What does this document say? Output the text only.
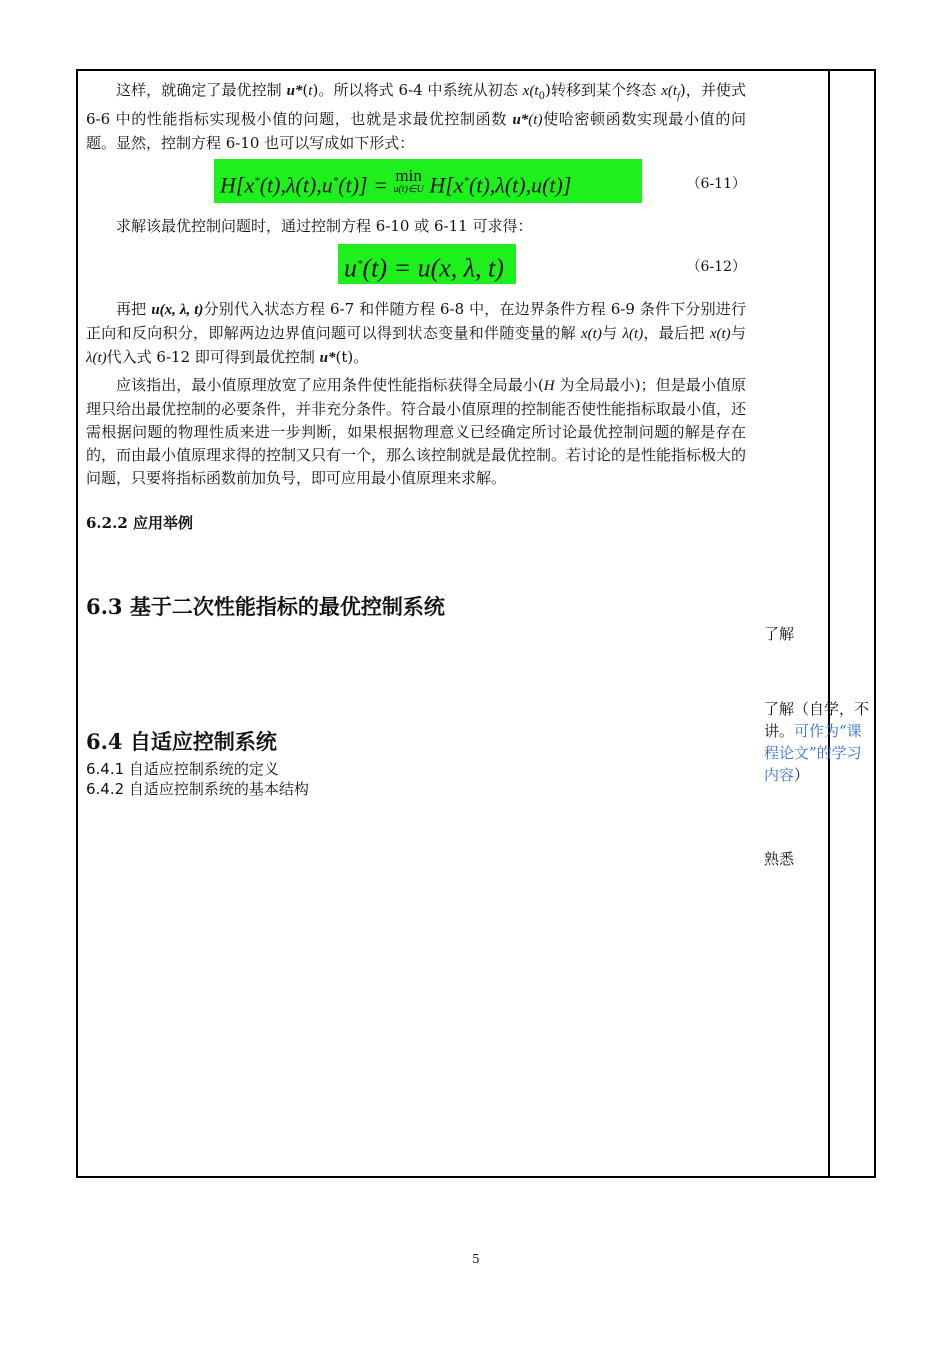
这样，就确定了最优控制 u*(t)。所以将式 6-4 中系统从初态 $x(t_0)$转移到某个终态 $x(t_f)$，并使式 6-6 中的性能指标实现极小值的问题，也就是求最优控制函数 u*(t)使哈密顿函数实现最小值的问题。显然，控制方程 6-10 也可以写成如下形式：

H[x*(t),λ(t),u*(t)] = min
u(t)∈U H[x*(t),λ(t),u(t)]	（6-11）

求解该最优控制问题时，通过控制方程 6-10 或 6-11 可求得：

u*(t) = u(x, λ, t)	（6-12）

再把 u(x, λ, t)分别代入状态方程 6-7 和伴随方程 6-8 中，在边界条件方程 6-9 条件下分别进行正向和反向积分，即解两边边界值问题可以得到状态变量和伴随变量的解 x(t)与 λ(t)，最后把 x(t)与 λ(t)代入式 6-12 即可得到最优控制 u*(t)。

应该指出，最小值原理放宽了应用条件使性能指标获得全局最小(H 为全局最小)；但是最小值原理只给出最优控制的必要条件，并非充分条件。符合最小值原理的控制能否使性能指标取最小值，还需根据问题的物理性质来进一步判断，如果根据物理意义已经确定所讨论最优控制问题的解是存在的，而由最小值原理求得的控制又只有一个，那么该控制就是最优控制。若讨论的是性能指标极大的问题，只要将指标函数前加负号，即可应用最小值原理来求解。

6.2.2 应用举例
6.3 基于二次性能指标的最优控制系统
6.4 自适应控制系统

6.4.1 自适应控制系统的定义

6.4.2 自适应控制系统的基本结构

了解
了解（自学，不讲。可作为“课程论文”的学习内容）
熟悉
5
